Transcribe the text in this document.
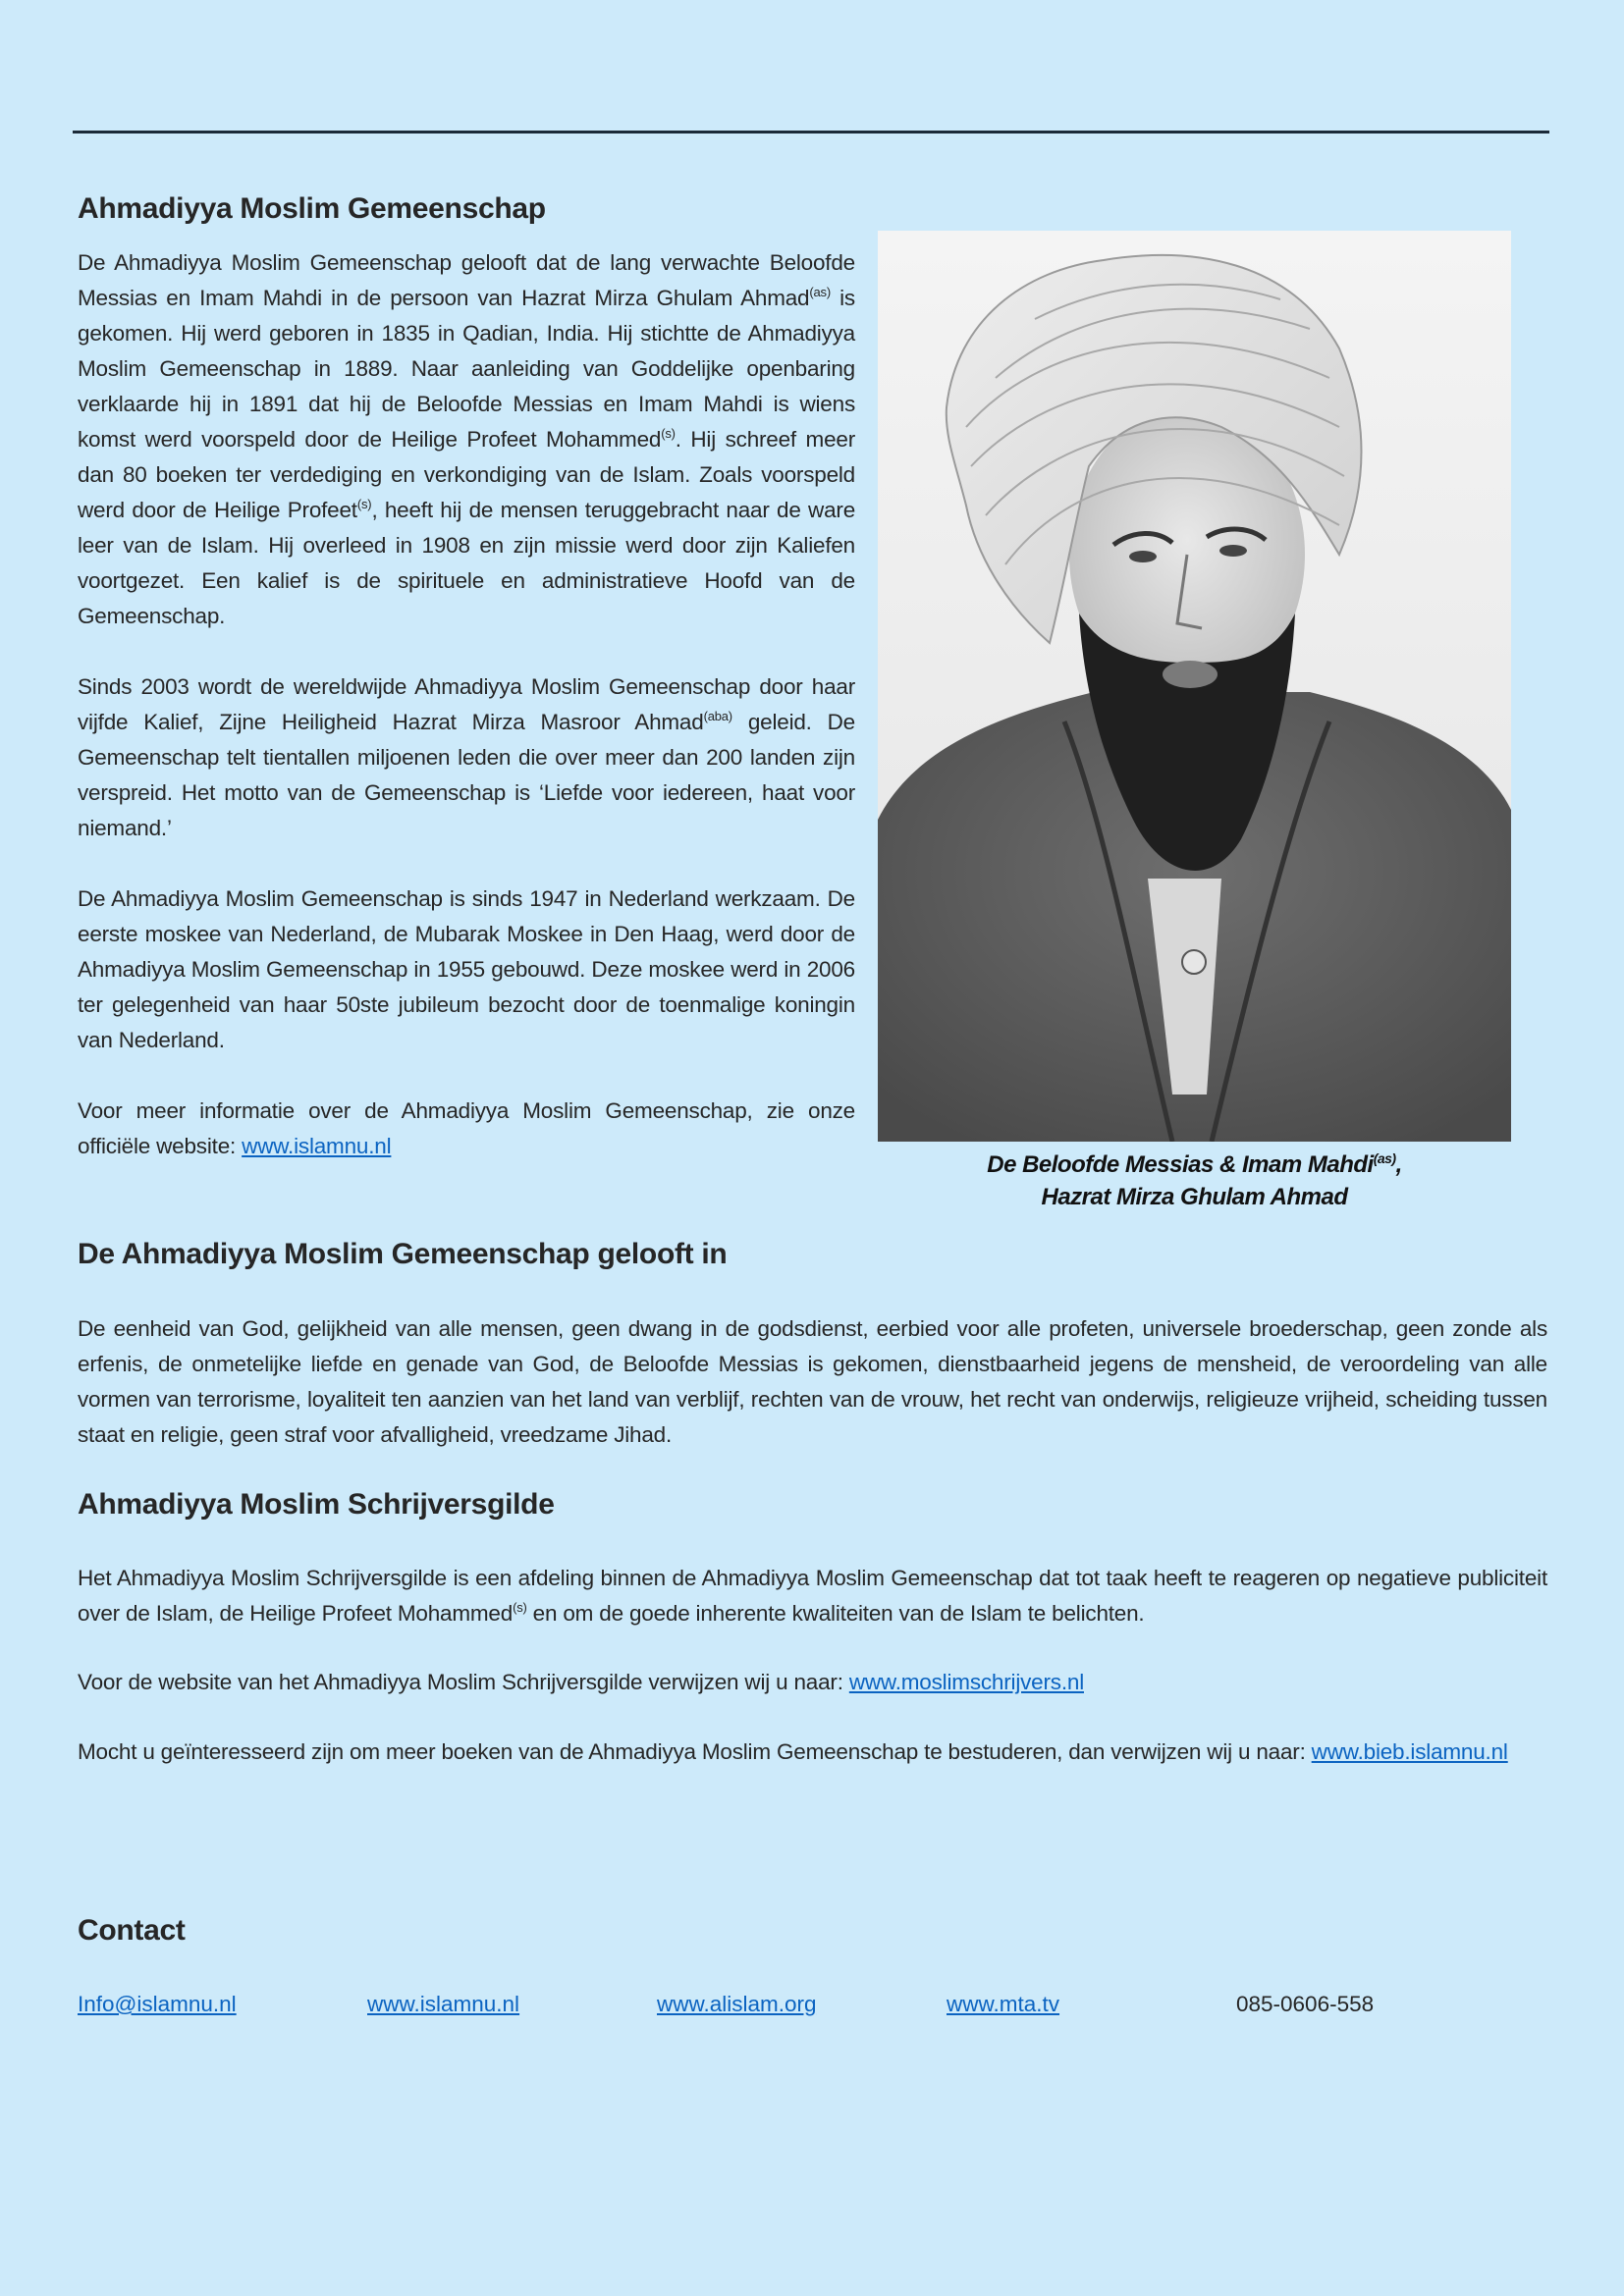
Ahmadiyya Moslim Gemeenschap

De Ahmadiyya Moslim Gemeenschap gelooft dat de lang verwachte Beloofde Messias en Imam Mahdi in de persoon van Hazrat Mirza Ghulam Ahmad$^{(as)}$ is gekomen. Hij werd geboren in 1835 in Qadian, India. Hij stichtte de Ahmadiyya Moslim Gemeenschap in 1889. Naar aanleiding van Goddelijke openbaring verklaarde hij in 1891 dat hij de Beloofde Messias en Imam Mahdi is wiens komst werd voorspeld door de Heilige Profeet Mohammed$^{(s)}$. Hij schreef meer dan 80 boeken ter verdediging en verkondiging van de Islam. Zoals voorspeld werd door de Heilige Profeet$^{(s)}$, heeft hij de mensen teruggebracht naar de ware leer van de Islam. Hij overleed in 1908 en zijn missie werd door zijn Kaliefen voortgezet. Een kalief is de spirituele en administratieve Hoofd van de Gemeenschap.

Sinds 2003 wordt de wereldwijde Ahmadiyya Moslim Gemeenschap door haar vijfde Kalief, Zijne Heiligheid Hazrat Mirza Masroor Ahmad$^{(aba)}$ geleid. De Gemeenschap telt tientallen miljoenen leden die over meer dan 200 landen zijn verspreid. Het motto van de Gemeenschap is ‘Liefde voor iedereen, haat voor niemand.’

De Ahmadiyya Moslim Gemeenschap is sinds 1947 in Nederland werkzaam. De eerste moskee van Nederland, de Mubarak Moskee in Den Haag, werd door de Ahmadiyya Moslim Gemeenschap in 1955 gebouwd. Deze moskee werd in 2006 ter gelegenheid van haar 50ste jubileum bezocht door de toenmalige koningin van Nederland.

Voor meer informatie over de Ahmadiyya Moslim Gemeenschap, zie onze officiële website: www.islamnu.nl

De Beloofde Messias & Imam Mahdi$^{(as)}$,
Hazrat Mirza Ghulam Ahmad
De Ahmadiyya Moslim Gemeenschap gelooft in

De eenheid van God, gelijkheid van alle mensen, geen dwang in de godsdienst, eerbied voor alle profeten, universele broederschap, geen zonde als erfenis, de onmetelijke liefde en genade van God, de Beloofde Messias is gekomen, dienstbaarheid jegens de mensheid, de veroordeling van alle vormen van terrorisme, loyaliteit ten aanzien van het land van verblijf, rechten van de vrouw, het recht van onderwijs, religieuze vrijheid, scheiding tussen staat en religie, geen straf voor afvalligheid, vreedzame Jihad.

Ahmadiyya Moslim Schrijversgilde

Het Ahmadiyya Moslim Schrijversgilde is een afdeling binnen de Ahmadiyya Moslim Gemeenschap dat tot taak heeft te reageren op negatieve publiciteit over de Islam, de Heilige Profeet Mohammed$^{(s)}$ en om de goede inherente kwaliteiten van de Islam te belichten.

Voor de website van het Ahmadiyya Moslim Schrijversgilde verwijzen wij u naar: www.moslimschrijvers.nl

Mocht u geïnteresseerd zijn om meer boeken van de Ahmadiyya Moslim Gemeenschap te bestuderen, dan verwijzen wij u naar: www.bieb.islamnu.nl

Contact
Info@islamnu.nl	www.islamnu.nl	www.alislam.org	www.mta.tv	085-0606-558
